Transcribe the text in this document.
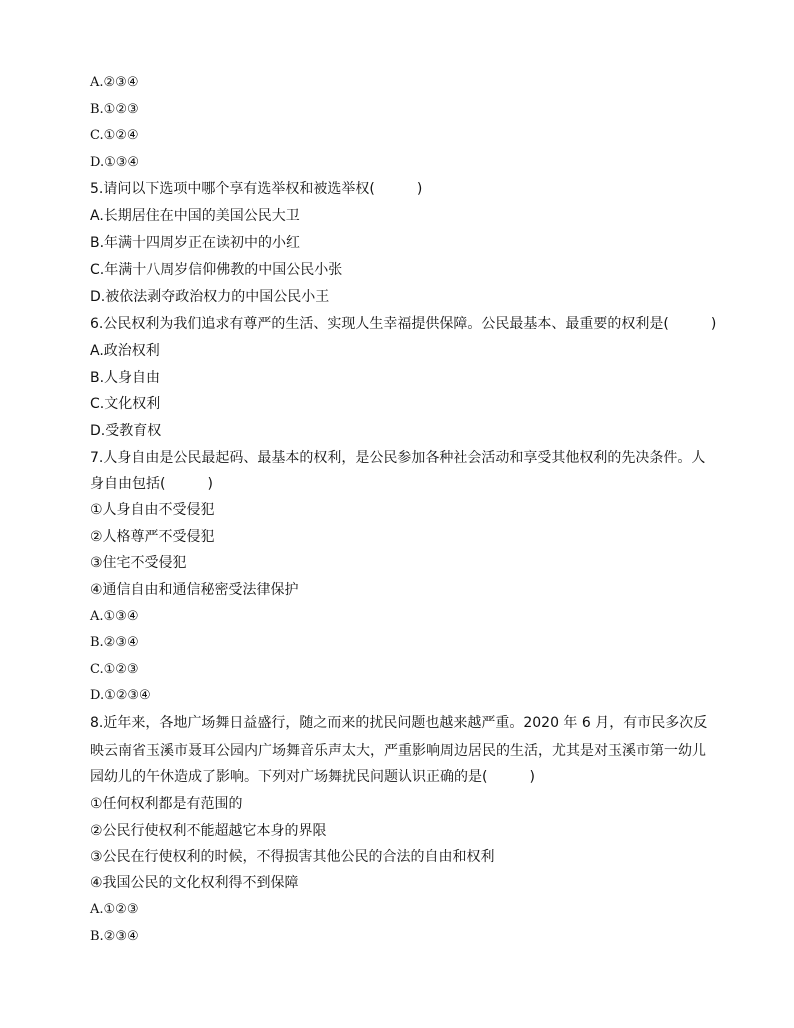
A.②③④
B.①②③
C.①②④
D.①③④
5.请问以下选项中哪个享有选举权和被选举权(　　　)
A.长期居住在中国的美国公民大卫
B.年满十四周岁正在读初中的小红
C.年满十八周岁信仰佛教的中国公民小张
D.被依法剥夺政治权力的中国公民小王
6.公民权利为我们追求有尊严的生活、实现人生幸福提供保障。公民最基本、最重要的权利是(　　　)
A.政治权利
B.人身自由
C.文化权利
D.受教育权
7.人身自由是公民最起码、最基本的权利，是公民参加各种社会活动和享受其他权利的先决条件。人
身自由包括(　　　)
①人身自由不受侵犯
②人格尊严不受侵犯
③住宅不受侵犯
④通信自由和通信秘密受法律保护
A.①③④
B.②③④
C.①②③
D.①②③④
8.近年来，各地广场舞日益盛行，随之而来的扰民问题也越来越严重。2020 年 6 月，有市民多次反
映云南省玉溪市聂耳公园内广场舞音乐声太大，严重影响周边居民的生活，尤其是对玉溪市第一幼儿
园幼儿的午休造成了影响。下列对广场舞扰民问题认识正确的是(　　　)
①任何权利都是有范围的
②公民行使权利不能超越它本身的界限
③公民在行使权利的时候，不得损害其他公民的合法的自由和权利
④我国公民的文化权利得不到保障
A.①②③
B.②③④
